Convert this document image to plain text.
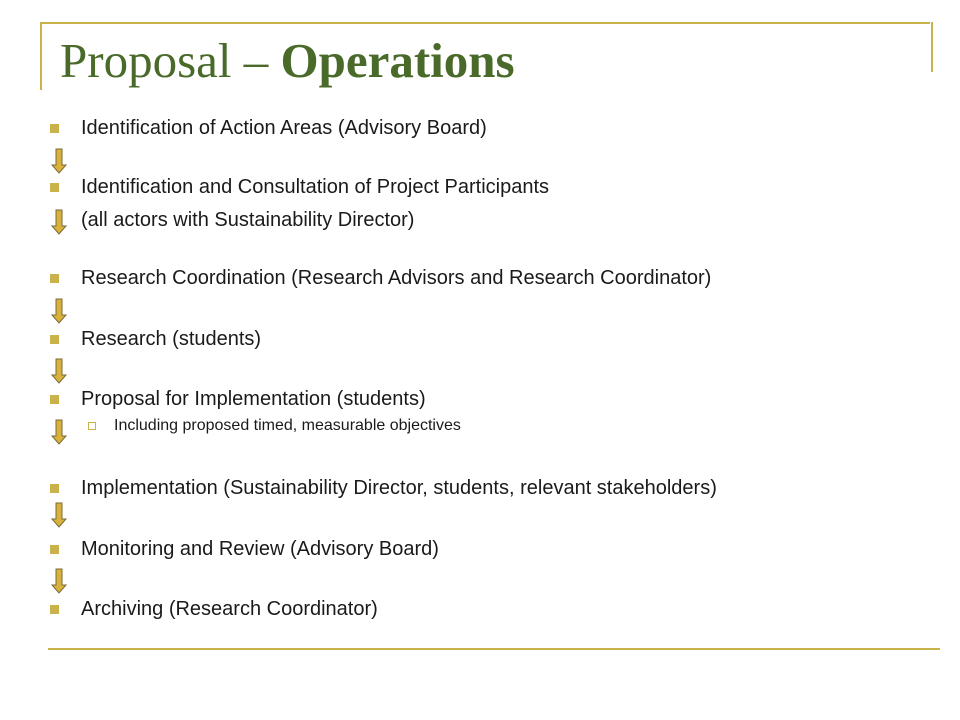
Proposal – Operations
Identification of Action Areas (Advisory Board)
Identification and Consultation of Project Participants
(all actors with Sustainability Director)
Research Coordination (Research Advisors and Research Coordinator)
Research (students)
Proposal for Implementation (students)
Including proposed timed, measurable objectives
Implementation (Sustainability Director, students, relevant stakeholders)
Monitoring and Review (Advisory Board)
Archiving (Research Coordinator)
